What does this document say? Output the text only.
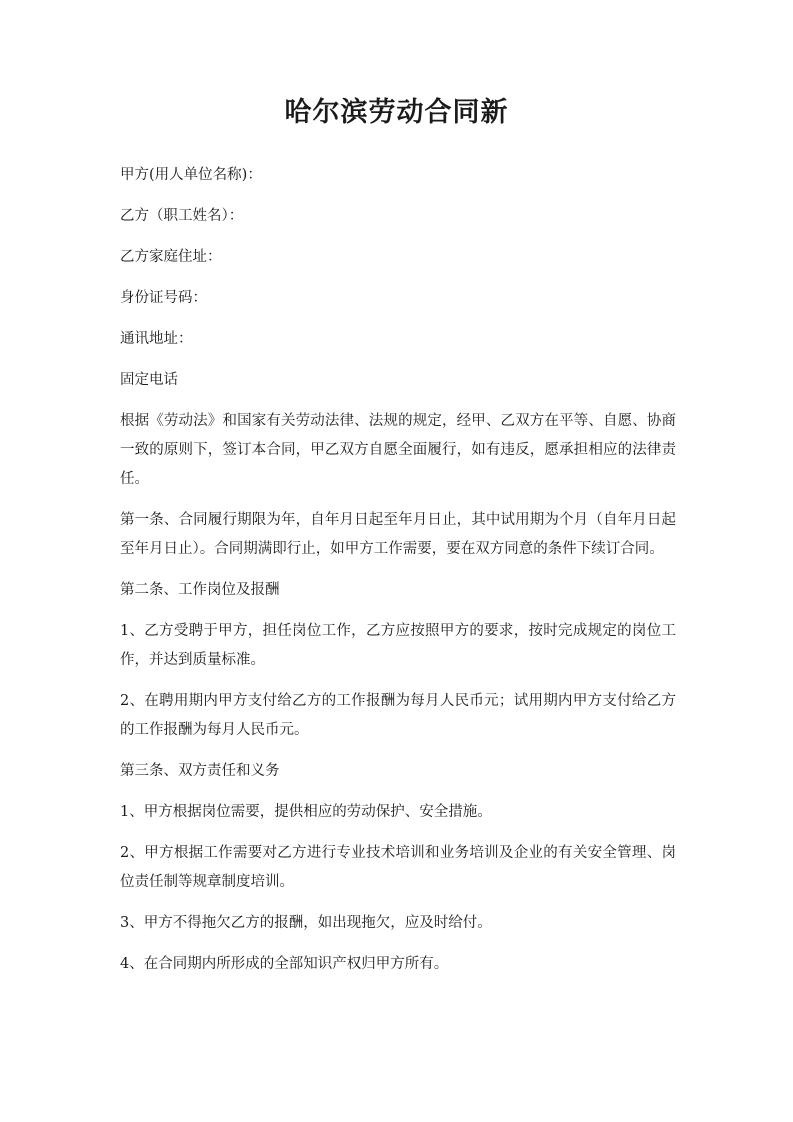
哈尔滨劳动合同新

甲方(用人单位名称)：

乙方（职工姓名）：

乙方家庭住址：

身份证号码：

通讯地址：

固定电话

根据《劳动法》和国家有关劳动法律、法规的规定，经甲、乙双方在平等、自愿、协商一致的原则下，签订本合同，甲乙双方自愿全面履行，如有违反，愿承担相应的法律责任。

第一条、合同履行期限为年，自年月日起至年月日止，其中试用期为个月（自年月日起至年月日止）。合同期满即行止，如甲方工作需要，要在双方同意的条件下续订合同。

第二条、工作岗位及报酬

1、乙方受聘于甲方，担任岗位工作，乙方应按照甲方的要求，按时完成规定的岗位工作，并达到质量标准。

2、在聘用期内甲方支付给乙方的工作报酬为每月人民币元；试用期内甲方支付给乙方的工作报酬为每月人民币元。

第三条、双方责任和义务

1、甲方根据岗位需要，提供相应的劳动保护、安全措施。

2、甲方根据工作需要对乙方进行专业技术培训和业务培训及企业的有关安全管理、岗位责任制等规章制度培训。

3、甲方不得拖欠乙方的报酬，如出现拖欠，应及时给付。

4、在合同期内所形成的全部知识产权归甲方所有。
